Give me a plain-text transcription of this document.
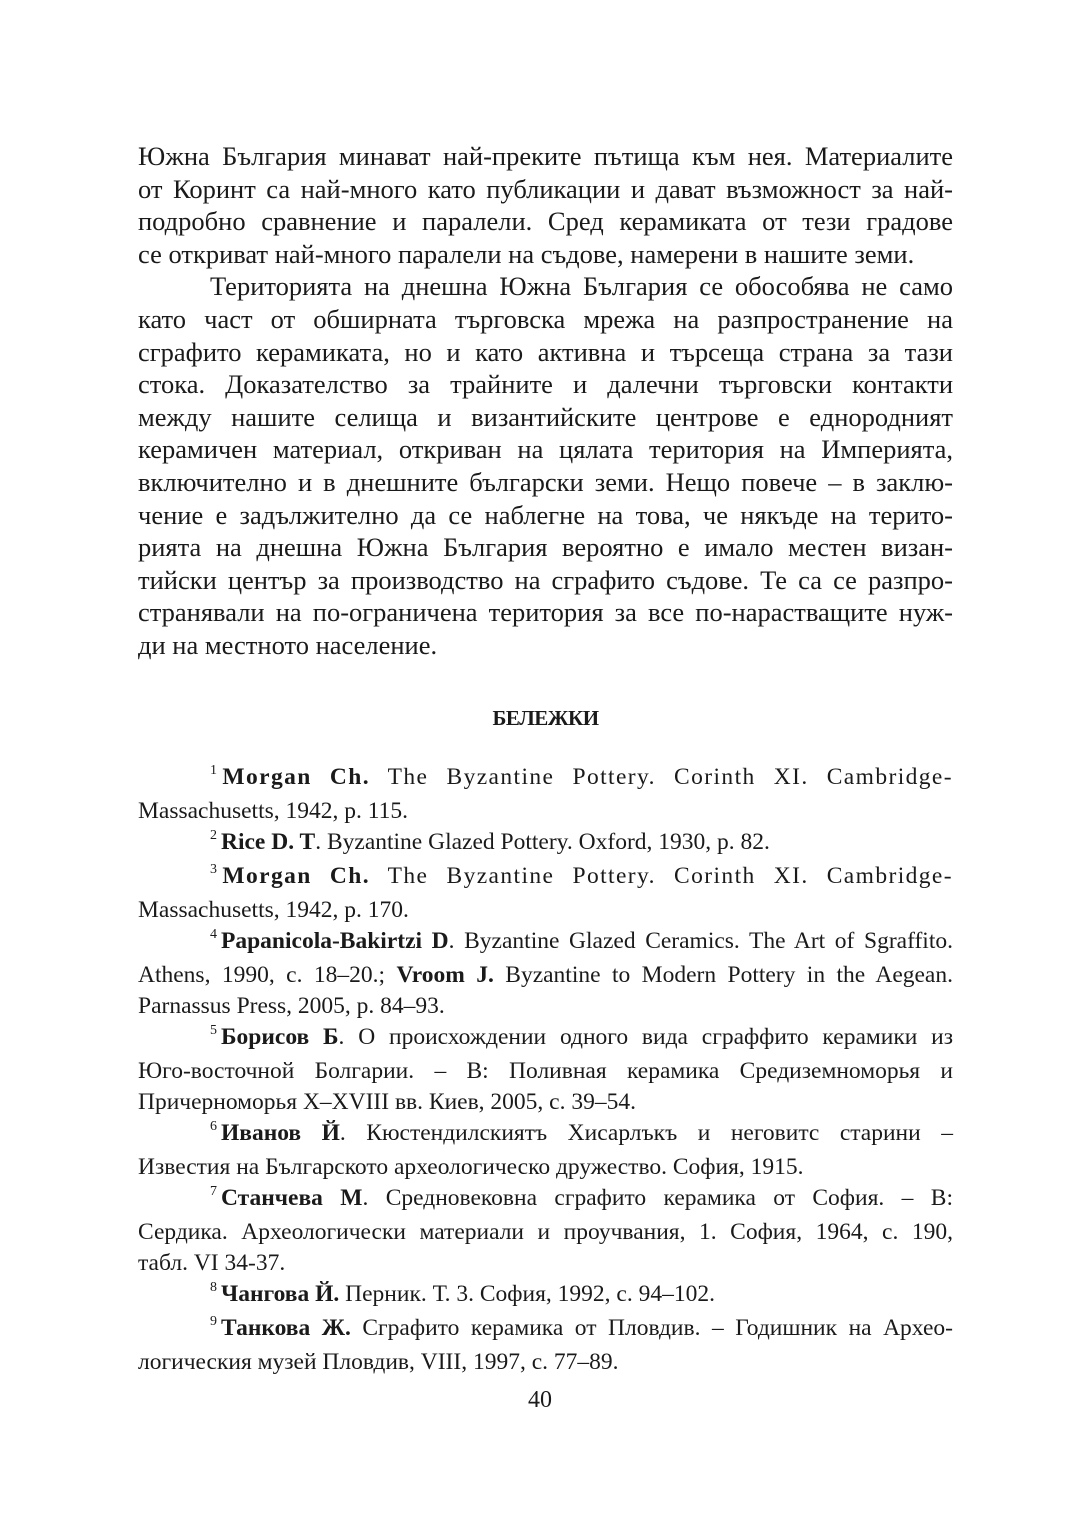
Южна България минават най-преките пътища към нея. Материалите
от Коринт са най-много като публикации и дават възможност за най-
подробно сравнение и паралели. Сред керамиката от тези градове
се откриват най-много паралели на съдове, намерени в нашите земи.
Територията на днешна Южна България се обособява не само
като част от обширната търговска мрежа на разпространение на
сграфито керамиката, но и като активна и търсеща страна за тази
стока. Доказателство за трайните и далечни търговски контакти
между нашите селища и византийските центрове е еднородният
керамичен материал, откриван на цялата територия на Империята,
включително и в днешните български земи. Нещо повече – в заклю-
чение е задължително да се наблегне на това, че някъде на терито-
рията на днешна Южна България вероятно е имало местен визан-
тийски център за производство на сграфито съдове. Те са се разпро-
странявали на по-ограничена територия за все по-нарастващите нуж-
ди на местното население.
БЕЛЕЖКИ
$^1$ Morgan Ch. The Byzantine Pottery. Corinth XI. Cambridge-
Massachusetts, 1942, p. 115.
$^2$ Rice D. T. Byzantine Glazed Pottery. Oxford, 1930, p. 82.
$^3$ Morgan Ch. The Byzantine Pottery. Corinth XI. Cambridge-
Massachusetts, 1942, p. 170.
$^4$ Papanicola-Bakirtzi D. Byzantine Glazed Ceramics. The Art of Sgraffito.
Athens, 1990, c. 18–20.; Vroom J. Byzantine to Modern Pottery in the Aegean.
Parnassus Press, 2005, p. 84–93.
$^5$ Борисов Б. О происхождении одного вида сграффито керамики из
Юго-восточной Болгарии. – В: Поливная керамика Средиземноморья и
Причерноморья X–XVIII вв. Киев, 2005, с. 39–54.
$^6$ Иванов Й. Кюстендилскиятъ Хисарлъкъ и неговитс старини –
Известия на Българското археологическо дружество. София, 1915.
$^7$ Станчева М. Средновековна сграфито керамика от София. – В:
Сердика. Археологически материали и проучвания, 1. София, 1964, с. 190,
табл. VI 34-37.
$^8$ Чангова Й. Перник. Т. 3. София, 1992, с. 94–102.
$^9$ Танкова Ж. Сграфито керамика от Пловдив. – Годишник на Архео-
логическия музей Пловдив, VIII, 1997, с. 77–89.
40
